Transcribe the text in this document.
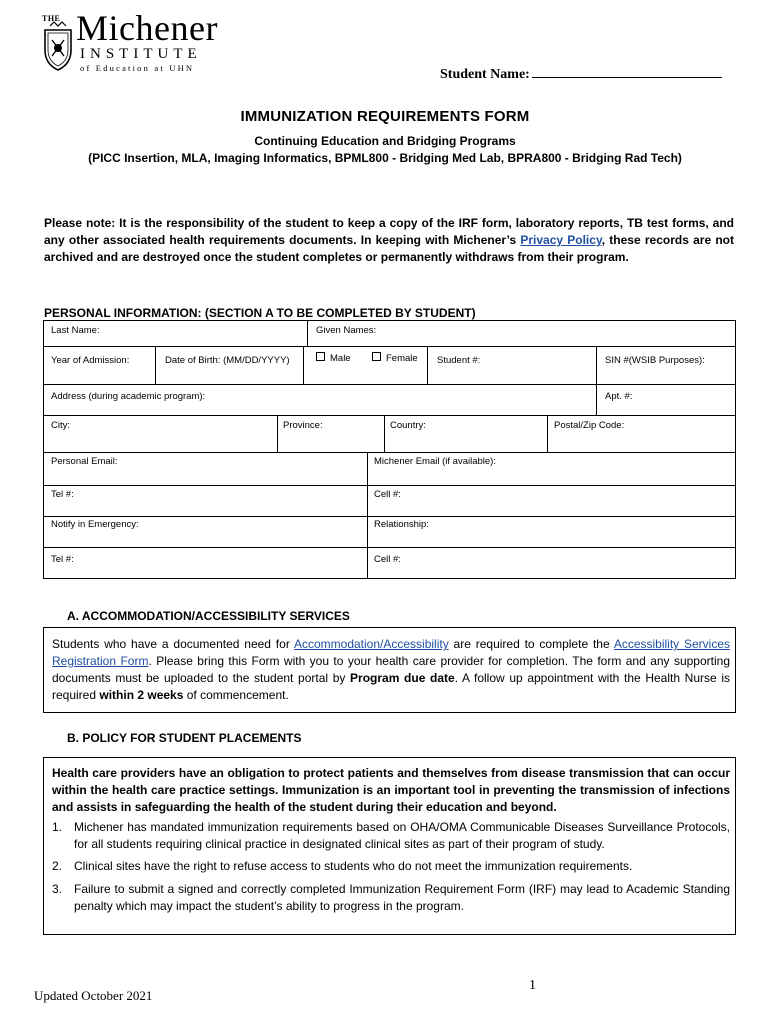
THE Michener
INSTITUTE
of Education at UHN	Student Name:
IMMUNIZATION REQUIREMENTS FORM
Continuing Education and Bridging Programs
(PICC Insertion, MLA, Imaging Informatics, BPML800 - Bridging Med Lab, BPRA800 - Bridging Rad Tech)
Please note: It is the responsibility of the student to keep a copy of the IRF form, laboratory reports, TB test forms, and any other associated health requirements documents. In keeping with Michener’s Privacy Policy, these records are not archived and are destroyed once the student completes or permanently withdraws from their program.
PERSONAL INFORMATION: (SECTION A TO BE COMPLETED BY STUDENT)
Last Name:	Given Names:
Year of Admission:	Date of Birth: (MM/DD/YYYY)	Male	Female Student #:	SIN #(WSIB Purposes):
Address (during academic program):	Apt. #:
City:	Province:	Country:	Postal/Zip Code:
Personal Email:	Michener Email (if available):
Tel #:	Cell #:
Notify in Emergency:	Relationship:
Tel #:	Cell #:
A. ACCOMMODATION/ACCESSIBILITY SERVICES
Students who have a documented need for Accommodation/Accessibility are required to complete the Accessibility Services Registration Form. Please bring this Form with you to your health care provider for completion. The form and any supporting documents must be uploaded to the student portal by Program due date. A follow up appointment with the Health Nurse is required within 2 weeks of commencement.
B. POLICY FOR STUDENT PLACEMENTS
Health care providers have an obligation to protect patients and themselves from disease transmission that can occur within the health care practice settings. Immunization is an important tool in preventing the transmission of infections and assists in safeguarding the health of the student during their education and beyond.
1. Michener has mandated immunization requirements based on OHA/OMA Communicable Diseases Surveillance Protocols, for all students requiring clinical practice in designated clinical sites as part of their program of study.
2. Clinical sites have the right to refuse access to students who do not meet the immunization requirements.
3. Failure to submit a signed and correctly completed Immunization Requirement Form (IRF) may lead to Academic Standing penalty which may impact the student’s ability to progress in the program.
1
Updated October 2021
